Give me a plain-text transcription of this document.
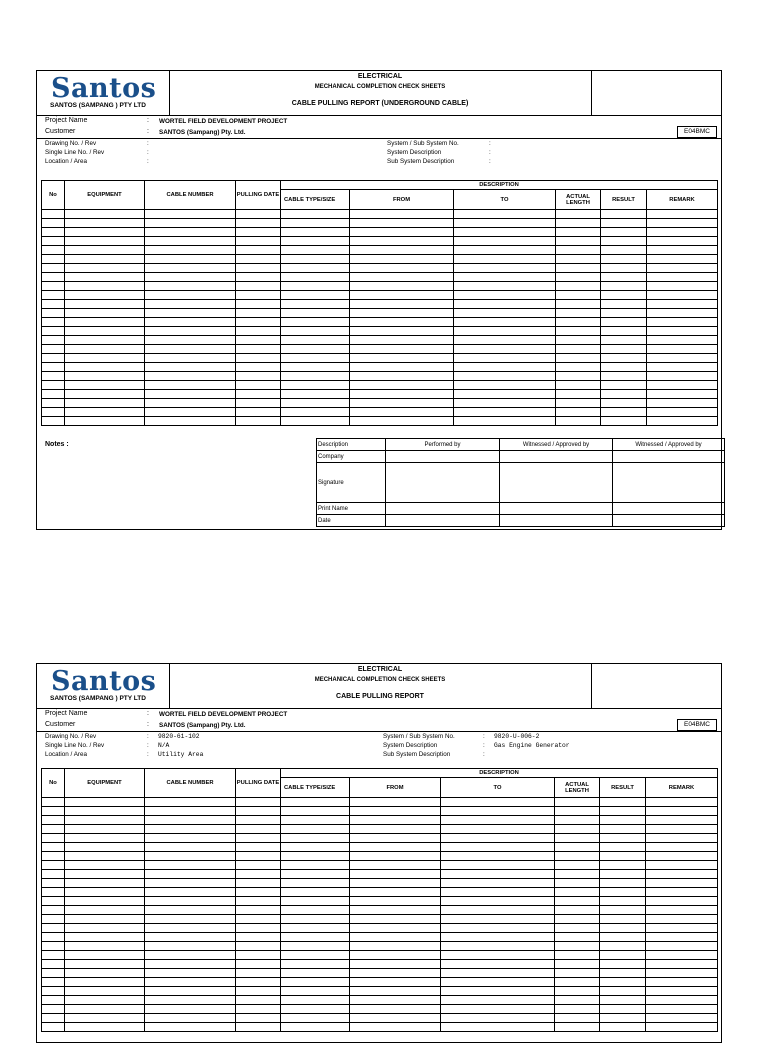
Santos
SANTOS (SAMPANG ) PTY LTD
ELECTRICAL
MECHANICAL COMPLETION CHECK SHEETS
CABLE PULLING REPORT (UNDERGROUND CABLE)
Project Name	: WORTEL FIELD DEVELOPMENT PROJECT
Customer	: SANTOS (Sampang) Pty. Ltd.	E04BMC
Drawing No. / Rev	:
Single Line No. / Rev	:
Location / Area	:
System / Sub System No.	:
System Description	:
Sub System Description	:
No	EQUIPMENT	CABLE NUMBER	PULLING DATE	DESCRIPTION					
				CABLE TYPE/SIZE	FROM	TO	ACTUAL LENGTH	RESULT	REMARK

Notes :	Description	Performed by	Witnessed / Approved by	Witnessed / Approved by
Company			
Signature			
Print Name			
Date			
Santos
SANTOS (SAMPANG ) PTY LTD
ELECTRICAL
MECHANICAL COMPLETION CHECK SHEETS
CABLE PULLING REPORT
Project Name	: WORTEL FIELD DEVELOPMENT PROJECT
Customer	: SANTOS (Sampang) Pty. Ltd.	E04BMC
Drawing No. / Rev	: 9820-61-102
Single Line No. / Rev	: N/A
Location / Area	: Utility Area
System / Sub System No.	: 9820-U-006-2
System Description	: Gas Engine Generator
Sub System Description	:
No	EQUIPMENT	CABLE NUMBER	PULLING DATE	DESCRIPTION					
				CABLE TYPE/SIZE	FROM	TO	ACTUAL LENGTH	RESULT	REMARK
